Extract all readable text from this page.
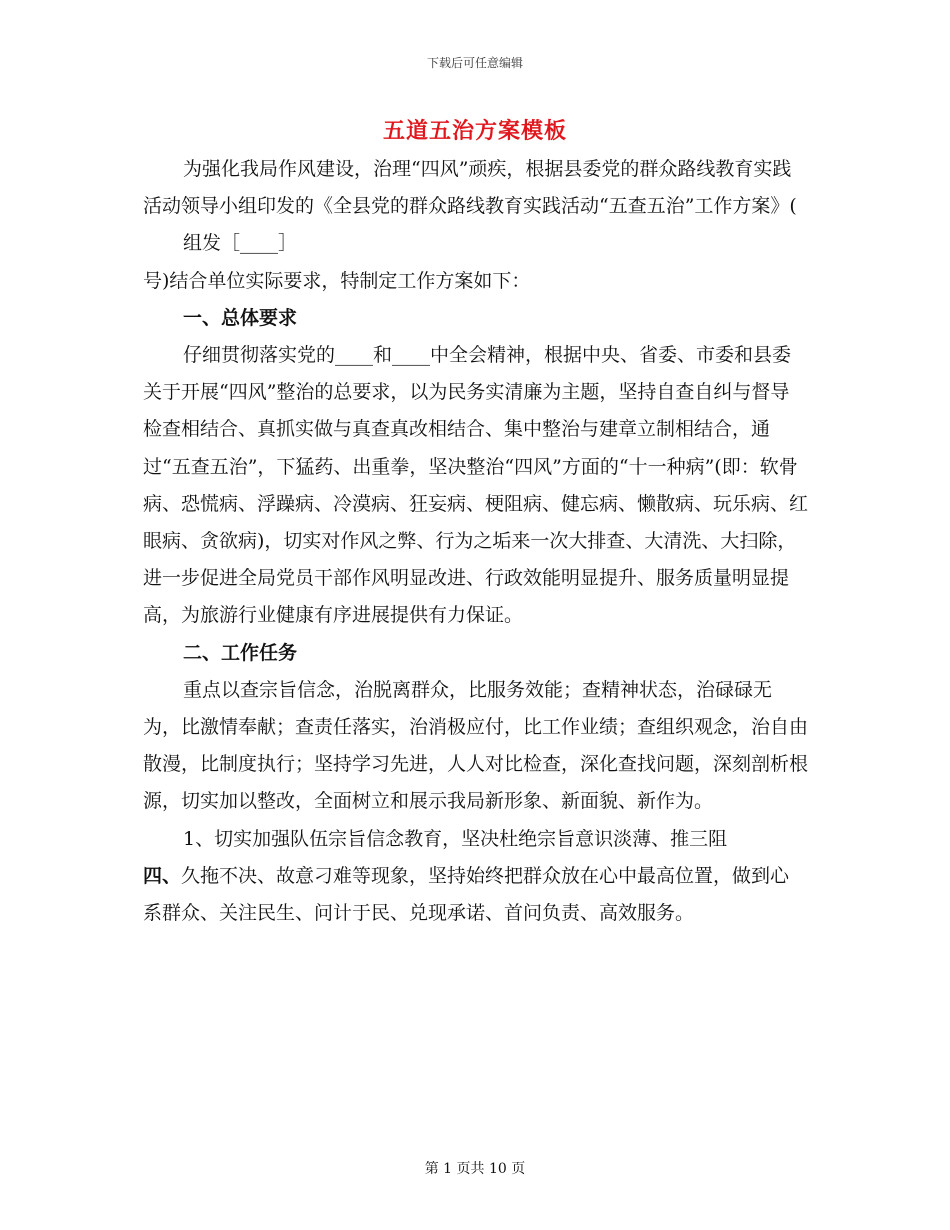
下载后可任意编辑
五道五治方案模板

为强化我局作风建设，治理“四风”顽疾，根据县委党的群众路线教育实践活动领导小组印发的《全县党的群众路线教育实践活动“五查五治”工作方案》(

组发［____］

号)结合单位实际要求，特制定工作方案如下：

一、总体要求

仔细贯彻落实党的____和____中全会精神，根据中央、省委、市委和县委关于开展“四风”整治的总要求，以为民务实清廉为主题，坚持自查自纠与督导检查相结合、真抓实做与真查真改相结合、集中整治与建章立制相结合，通过“五查五治”，下猛药、出重拳，坚决整治“四风”方面的“十一种病”(即：软骨病、恐慌病、浮躁病、冷漠病、狂妄病、梗阻病、健忘病、懒散病、玩乐病、红眼病、贪欲病)，切实对作风之弊、行为之垢来一次大排查、大清洗、大扫除，进一步促进全局党员干部作风明显改进、行政效能明显提升、服务质量明显提高，为旅游行业健康有序进展提供有力保证。

二、工作任务

重点以查宗旨信念，治脱离群众，比服务效能；查精神状态，治碌碌无为，比激情奉献；查责任落实，治消极应付，比工作业绩；查组织观念，治自由散漫，比制度执行；坚持学习先进，人人对比检查，深化查找问题，深刻剖析根源，切实加以整改，全面树立和展示我局新形象、新面貌、新作为。

1、切实加强队伍宗旨信念教育，坚决杜绝宗旨意识淡薄、推三阻

四、久拖不决、故意刁难等现象，坚持始终把群众放在心中最高位置，做到心系群众、关注民生、问计于民、兑现承诺、首问负责、高效服务。

第 1 页共 10 页
